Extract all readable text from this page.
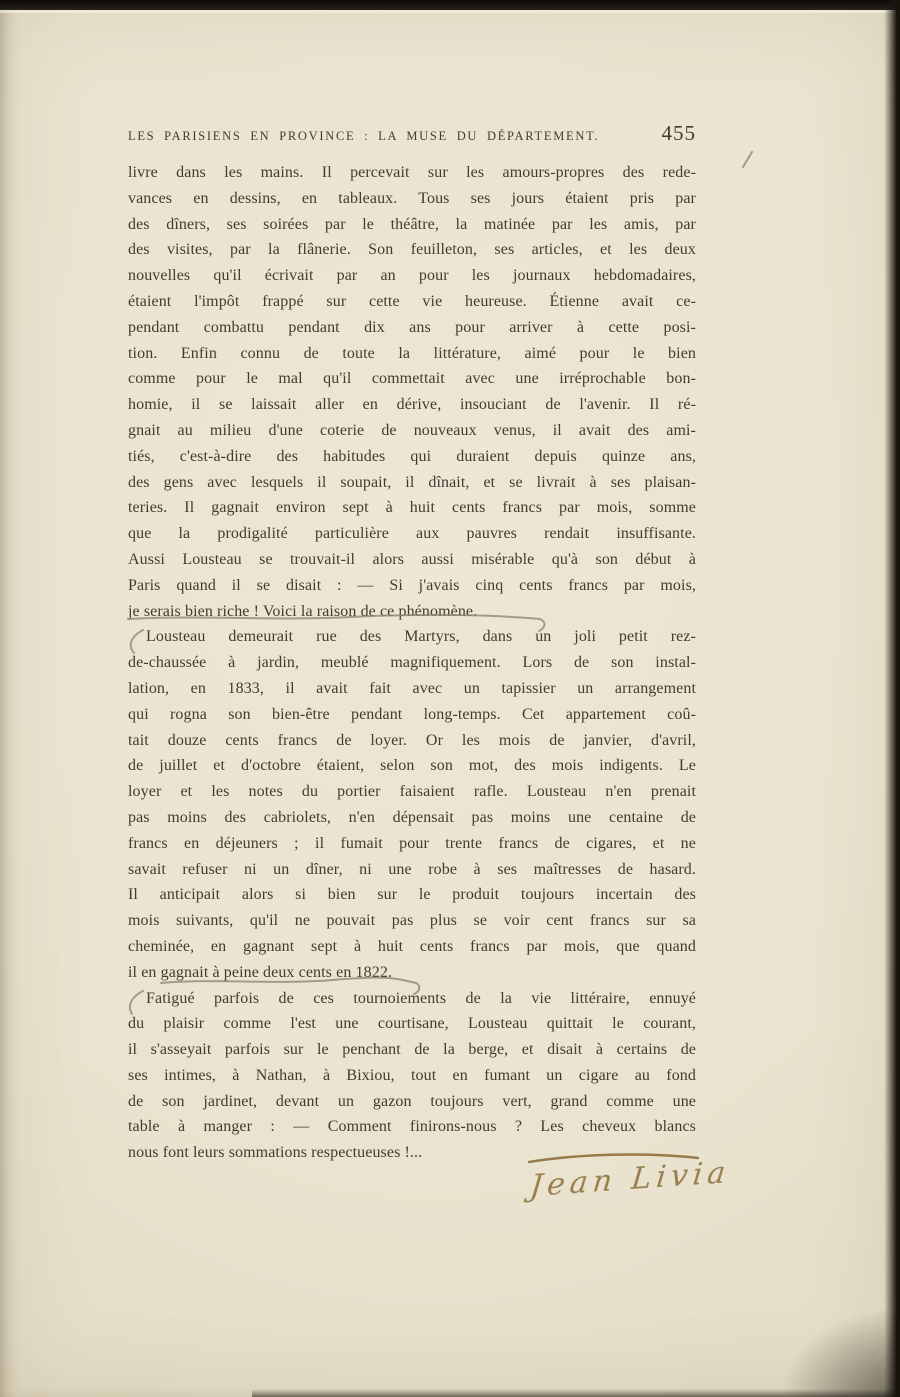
LES PARISIENS EN PROVINCE : LA MUSE DU DÉPARTEMENT.	455
livre dans les mains. Il percevait sur les amours-propres des rede-
vances en dessins, en tableaux. Tous ses jours étaient pris par
des dîners, ses soirées par le théâtre, la matinée par les amis, par
des visites, par la flânerie. Son feuilleton, ses articles, et les deux
nouvelles qu'il écrivait par an pour les journaux hebdomadaires,
étaient l'impôt frappé sur cette vie heureuse. Étienne avait ce-
pendant combattu pendant dix ans pour arriver à cette posi-
tion. Enfin connu de toute la littérature, aimé pour le bien
comme pour le mal qu'il commettait avec une irréprochable bon-
homie, il se laissait aller en dérive, insouciant de l'avenir. Il ré-
gnait au milieu d'une coterie de nouveaux venus, il avait des ami-
tiés, c'est-à-dire des habitudes qui duraient depuis quinze ans,
des gens avec lesquels il soupait, il dînait, et se livrait à ses plaisan-
teries. Il gagnait environ sept à huit cents francs par mois, somme
que la prodigalité particulière aux pauvres rendait insuffisante.
Aussi Lousteau se trouvait-il alors aussi misérable qu'à son début à
Paris quand il se disait : — Si j'avais cinq cents francs par mois,
je serais bien riche ! Voici la raison de ce phénomène.
Lousteau demeurait rue des Martyrs, dans un joli petit rez-
de-chaussée à jardin, meublé magnifiquement. Lors de son instal-
lation, en 1833, il avait fait avec un tapissier un arrangement
qui rogna son bien-être pendant long-temps. Cet appartement coû-
tait douze cents francs de loyer. Or les mois de janvier, d'avril,
de juillet et d'octobre étaient, selon son mot, des mois indigents. Le
loyer et les notes du portier faisaient rafle. Lousteau n'en prenait
pas moins des cabriolets, n'en dépensait pas moins une centaine de
francs en déjeuners ; il fumait pour trente francs de cigares, et ne
savait refuser ni un dîner, ni une robe à ses maîtresses de hasard.
Il anticipait alors si bien sur le produit toujours incertain des
mois suivants, qu'il ne pouvait pas plus se voir cent francs sur sa
cheminée, en gagnant sept à huit cents francs par mois, que quand
il en gagnait à peine deux cents en 1822.
Fatigué parfois de ces tournoiements de la vie littéraire, ennuyé
du plaisir comme l'est une courtisane, Lousteau quittait le courant,
il s'asseyait parfois sur le penchant de la berge, et disait à certains de
ses intimes, à Nathan, à Bixiou, tout en fumant un cigare au fond
de son jardinet, devant un gazon toujours vert, grand comme une
table à manger : — Comment finirons-nous ? Les cheveux blancs
nous font leurs sommations respectueuses !...
Jean Livia
